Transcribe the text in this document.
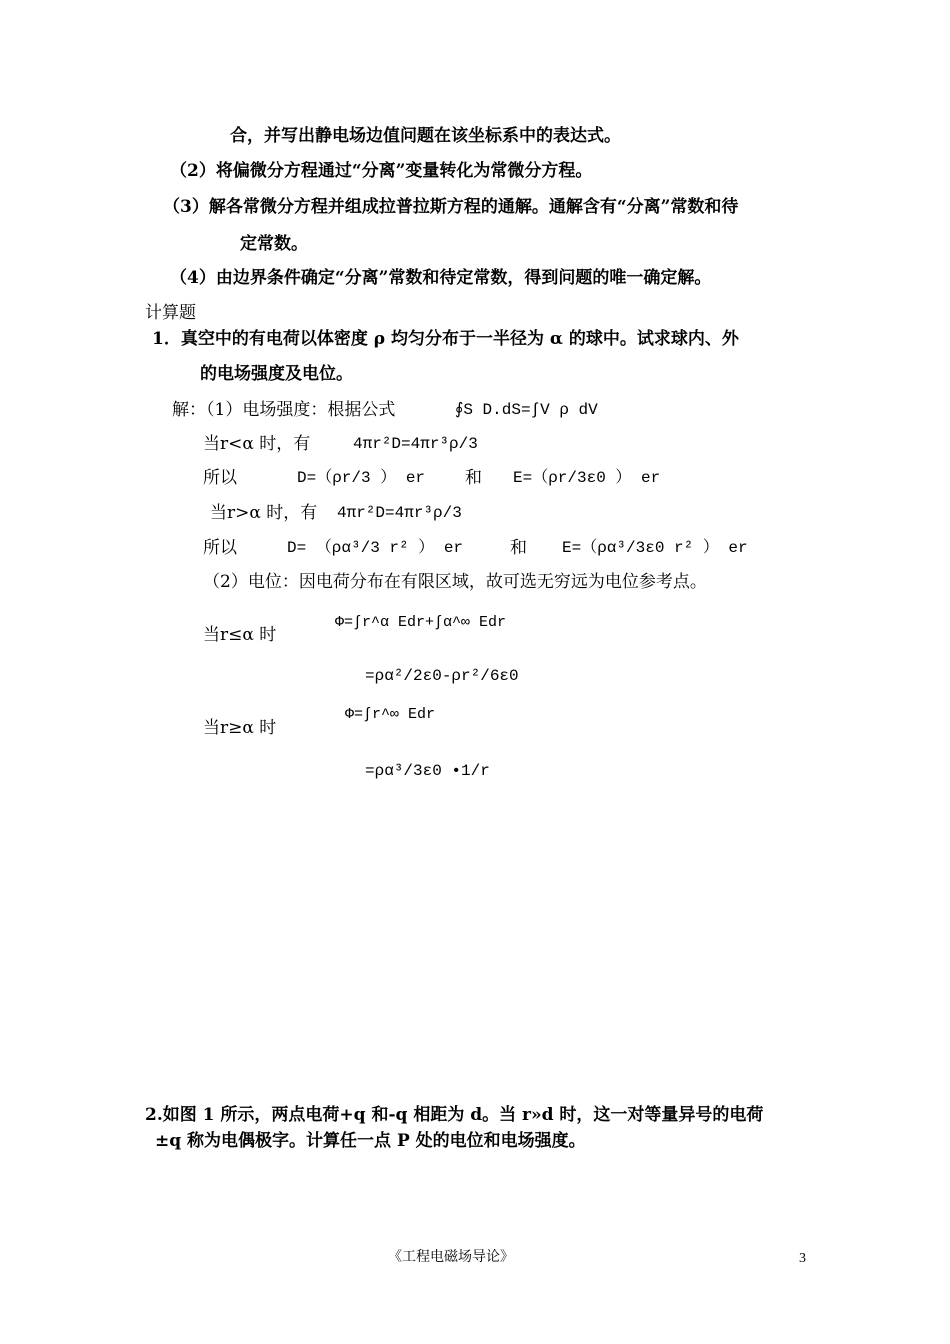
合，并写出静电场边值问题在该坐标系中的表达式。
（2）将偏微分方程通过“分离”变量转化为常微分方程。
（3）解各常微分方程并组成拉普拉斯方程的通解。通解含有“分离”常数和待
定常数。
（4）由边界条件确定“分离”常数和待定常数，得到问题的唯一确定解。
计算题
1．真空中的有电荷以体密度 ρ 均匀分布于一半径为 α 的球中。试求球内、外
的电场强度及电位。
解：（1）电场强度：根据公式	∮S D.dS=∫V ρ dV
当r<α 时，有	4πr²D=4πr³ρ/3
所以	D=（ρr/3 ） er 和 E=（ρr/3ε0 ） er
当r>α 时，有 4πr²D=4πr³ρ/3
所以	D= （ρα³/3 r² ） er	和 E=（ρα³/3ε0 r² ） er
（2）电位：因电荷分布在有限区域，故可选无穷远为电位参考点。
当r≤α 时
Φ=∫r^α Edr+∫α^∞ Edr
=ρα²/2ε0-ρr²/6ε0
当r≥α 时
Φ=∫r^∞ Edr
=ρα³/3ε0 •1/r
2.如图 1 所示，两点电荷+q 和-q 相距为 d。当 r»d 时，这一对等量异号的电荷
±q 称为电偶极字。计算任一点 P 处的电位和电场强度。
《工程电磁场导论》	3
